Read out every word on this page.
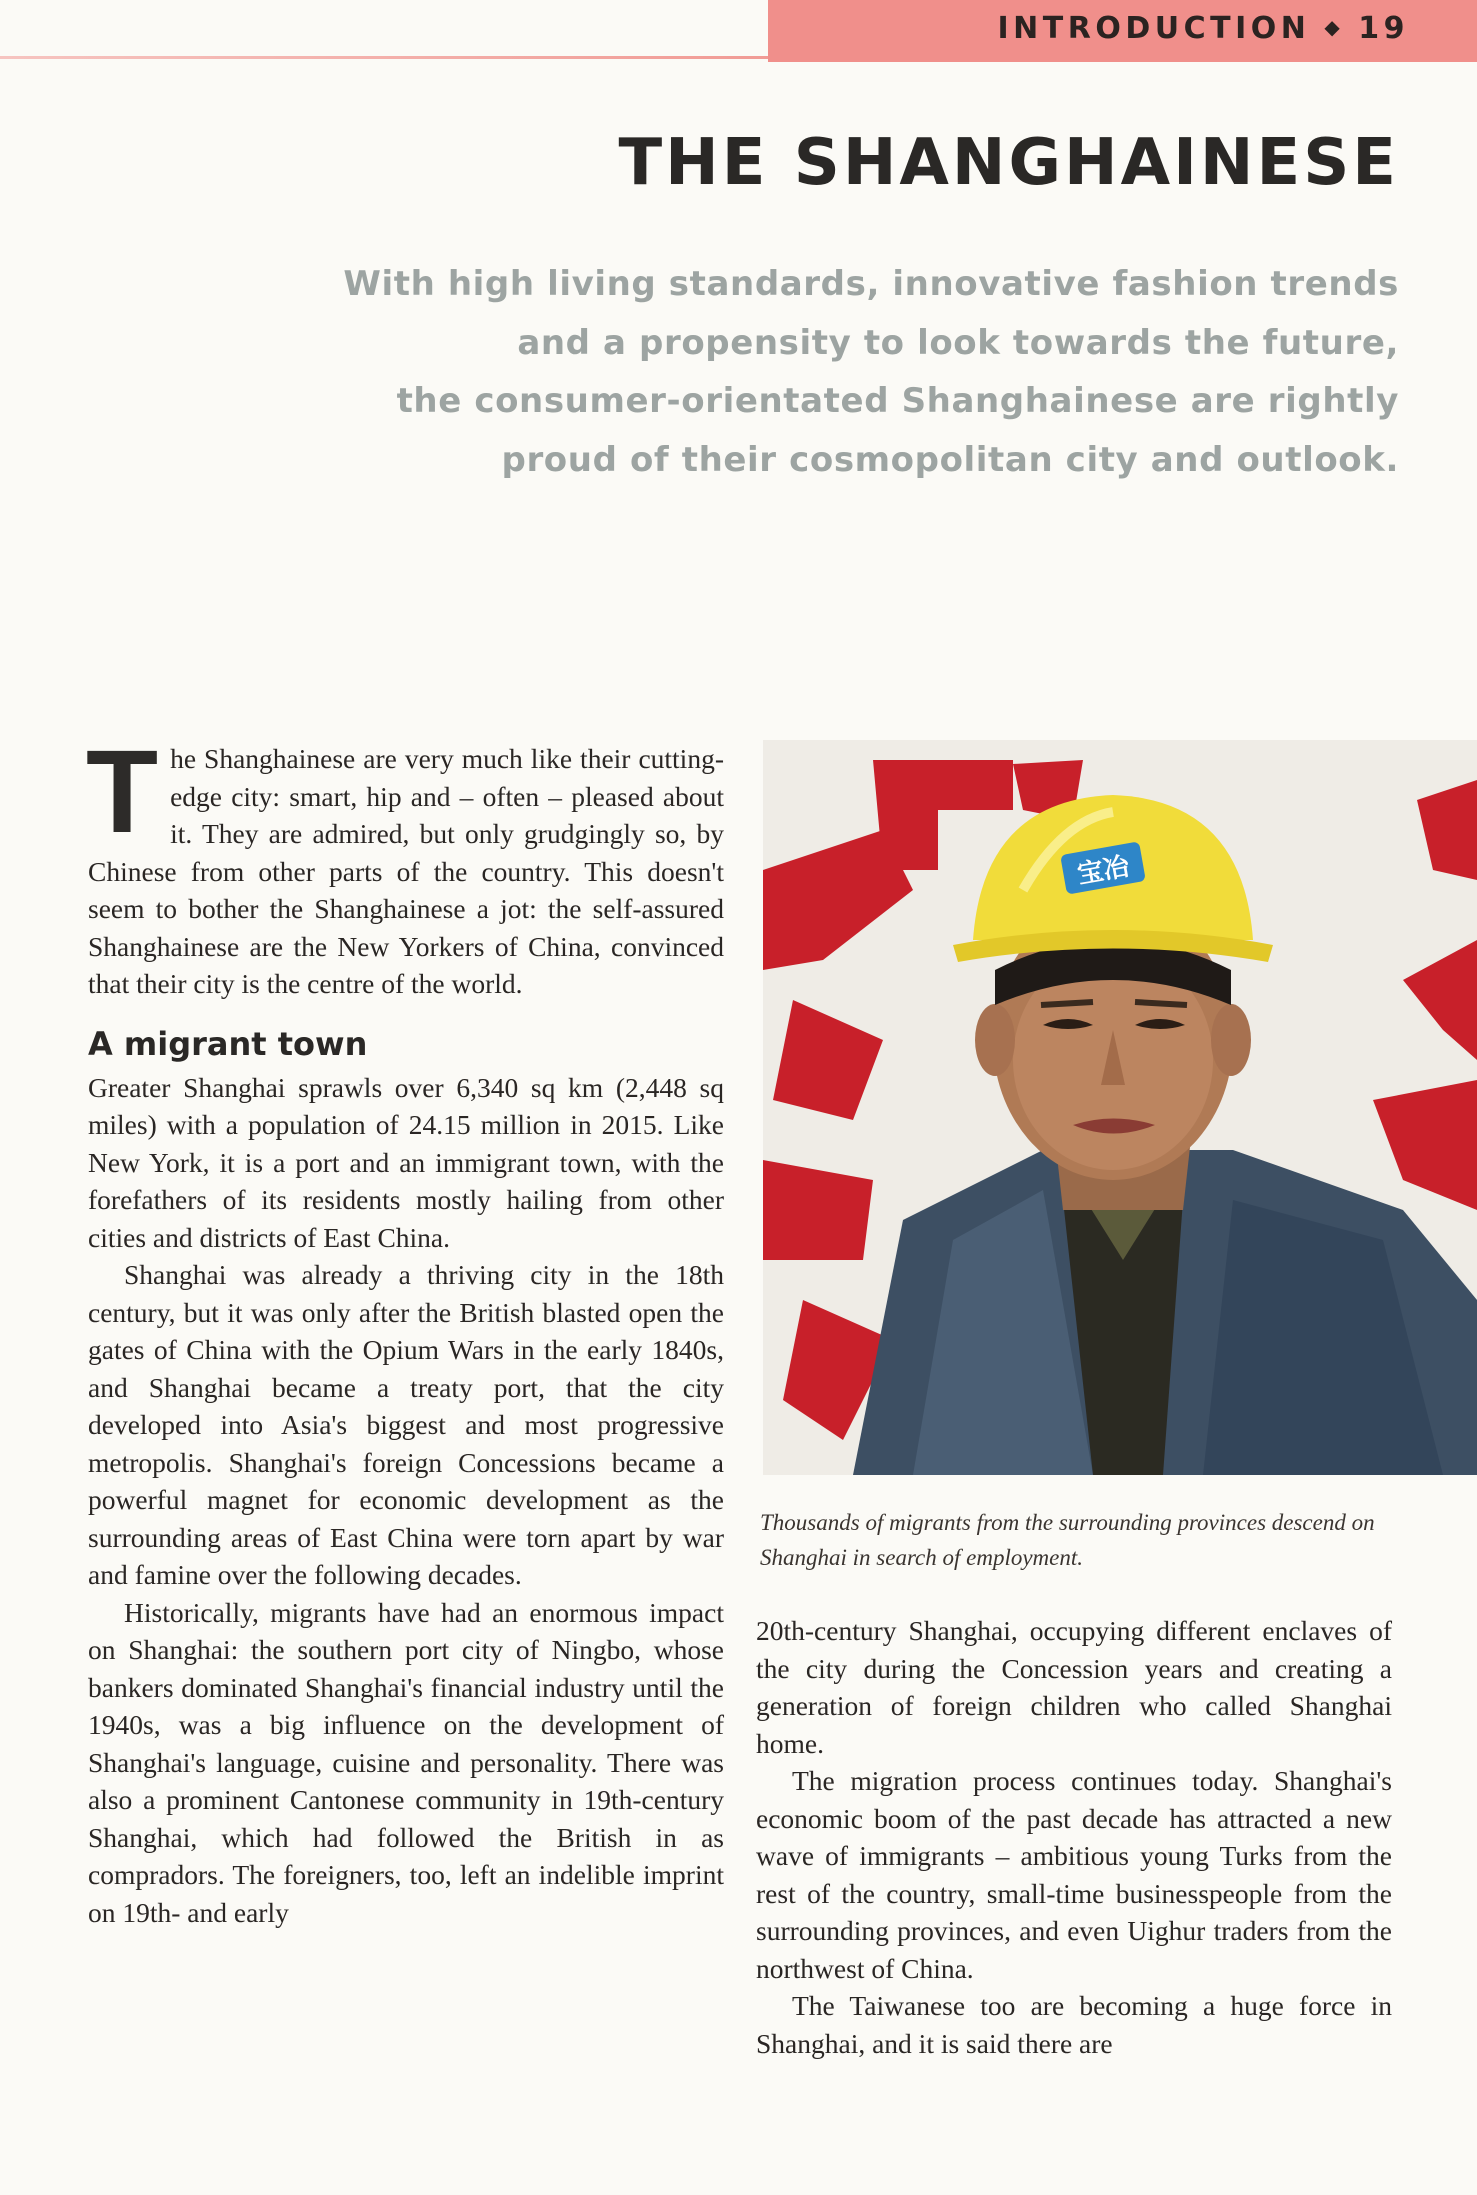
INTRODUCTION ◆ 19
THE SHANGHAINESE

With high living standards, innovative fashion trends
and a propensity to look towards the future,
the consumer-orientated Shanghainese are rightly
proud of their cosmopolitan city and outlook.

The Shanghainese are very much like their cutting-edge city: smart, hip and – often – pleased about it. They are admired, but only grudgingly so, by Chinese from other parts of the country. This doesn't seem to bother the Shanghainese a jot: the self-assured Shanghainese are the New Yorkers of China, convinced that their city is the centre of the world.

A migrant town

Greater Shanghai sprawls over 6,340 sq km (2,448 sq miles) with a population of 24.15 million in 2015. Like New York, it is a port and an immigrant town, with the forefathers of its residents mostly hailing from other cities and districts of East China.

Shanghai was already a thriving city in the 18th century, but it was only after the British blasted open the gates of China with the Opium Wars in the early 1840s, and Shanghai became a treaty port, that the city developed into Asia's biggest and most progressive metropolis. Shanghai's foreign Concessions became a powerful magnet for economic development as the surrounding areas of East China were torn apart by war and famine over the following decades.

Historically, migrants have had an enormous impact on Shanghai: the southern port city of Ningbo, whose bankers dominated Shanghai's financial industry until the 1940s, was a big influence on the development of Shanghai's language, cuisine and personality. There was also a prominent Cantonese community in 19th-century Shanghai, which had followed the British in as compradors. The foreigners, too, left an indelible imprint on 19th- and early

宝冶

Thousands of migrants from the surrounding provinces descend on Shanghai in search of employment.

20th-century Shanghai, occupying different enclaves of the city during the Concession years and creating a generation of foreign children who called Shanghai home.

The migration process continues today. Shanghai's economic boom of the past decade has attracted a new wave of immigrants – ambitious young Turks from the rest of the country, small-time businesspeople from the surrounding provinces, and even Uighur traders from the northwest of China.

The Taiwanese too are becoming a huge force in Shanghai, and it is said there are
